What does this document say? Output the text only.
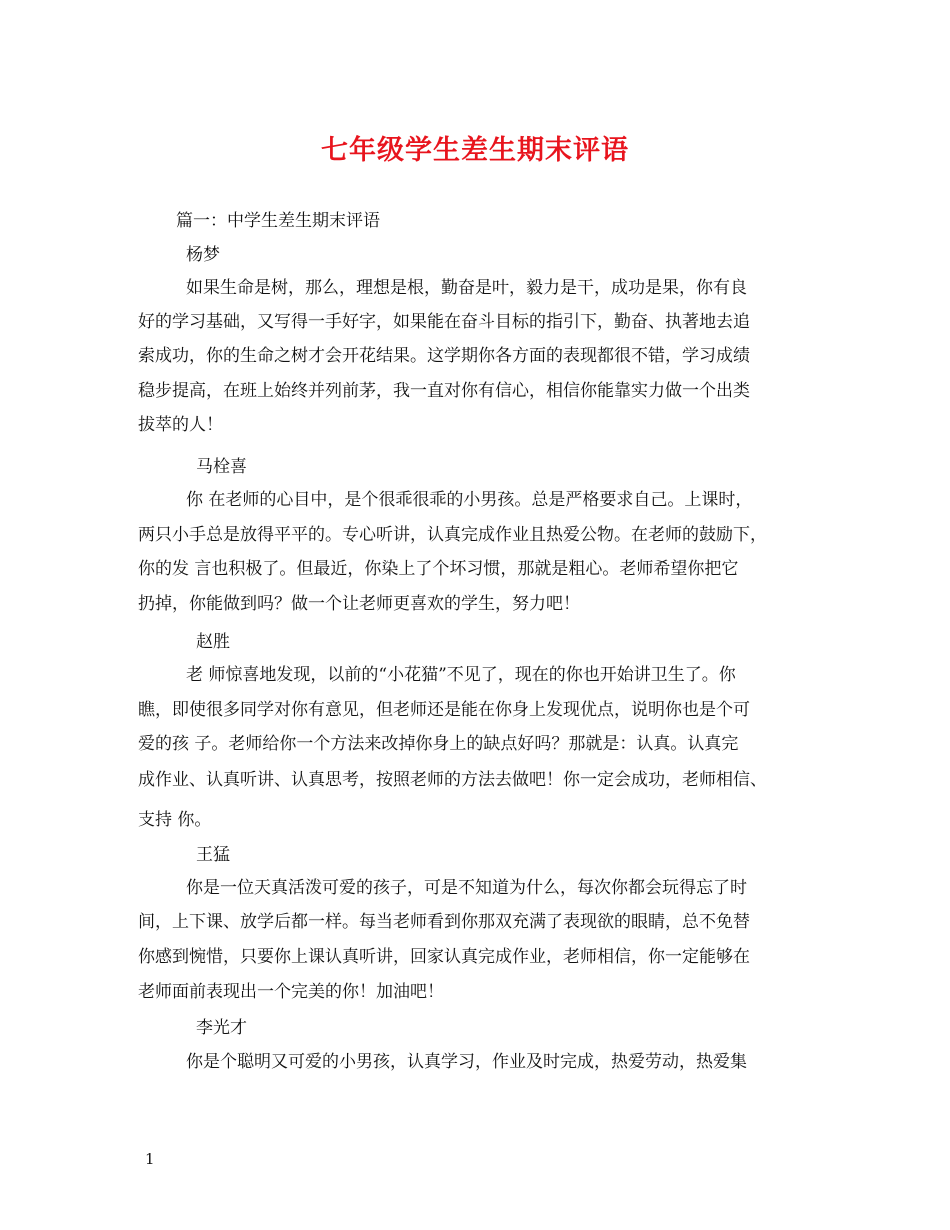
七年级学生差生期末评语
篇一：中学生差生期末评语
杨梦
如果生命是树，那么，理想是根，勤奋是叶，毅力是干，成功是果，你有良
好的学习基础，又写得一手好字，如果能在奋斗目标的指引下，勤奋、执著地去追
索成功，你的生命之树才会开花结果。这学期你各方面的表现都很不错，学习成绩
稳步提高，在班上始终并列前茅，我一直对你有信心，相信你能靠实力做一个出类
拔萃的人！
马栓喜
你 在老师的心目中，是个很乖很乖的小男孩。总是严格要求自己。上课时，
两只小手总是放得平平的。专心听讲，认真完成作业且热爱公物。在老师的鼓励下，
你的发 言也积极了。但最近，你染上了个坏习惯，那就是粗心。老师希望你把它
扔掉，你能做到吗？做一个让老师更喜欢的学生，努力吧！
赵胜
老 师惊喜地发现，以前的“小花猫”不见了，现在的你也开始讲卫生了。你
瞧，即使很多同学对你有意见，但老师还是能在你身上发现优点，说明你也是个可
爱的孩 子。老师给你一个方法来改掉你身上的缺点好吗？那就是：认真。认真完
成作业、认真听讲、认真思考，按照老师的方法去做吧！你一定会成功，老师相信、
支持 你。
王猛
你是一位天真活泼可爱的孩子，可是不知道为什么，每次你都会玩得忘了时
间，上下课、放学后都一样。每当老师看到你那双充满了表现欲的眼睛，总不免替
你感到惋惜，只要你上课认真听讲，回家认真完成作业，老师相信，你一定能够在
老师面前表现出一个完美的你！加油吧！
李光才
你是个聪明又可爱的小男孩，认真学习，作业及时完成，热爱劳动，热爱集
1
